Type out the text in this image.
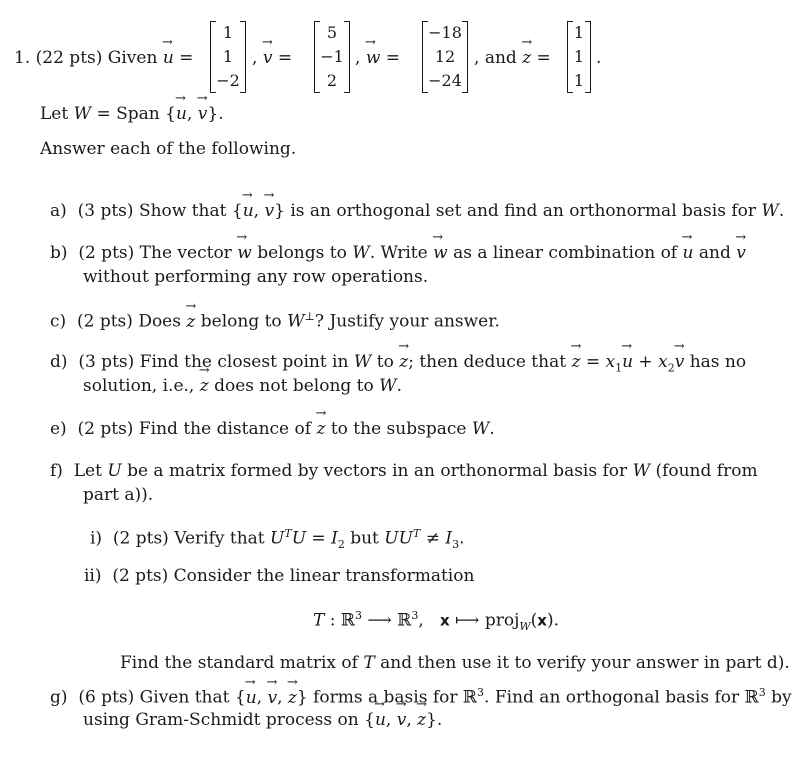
1. (22 pts) Given → u =
1
1
−2
, → v =
5
−1
2
, → w =
−18
12
−24
, and → z =
1
1
1
.
Let W = Span {→ u, → v}.
Answer each of the following.
a) (3 pts) Show that {→ u, → v} is an orthogonal set and find an orthonormal basis for W.
b) (2 pts) The vector → w belongs to W. Write → w as a linear combination of → u and → v
without performing any row operations.
c) (2 pts) Does → z belong to W⊥? Justify your answer.
d) (3 pts) Find the closest point in W to → z; then deduce that → $z = x_1\to u + x_2\to v$ has no
solution, i.e., → z does not belong to W.
e) (2 pts) Find the distance of → z to the subspace W.
f) Let U be a matrix formed by vectors in an orthonormal basis for W (found from
part a)).
i) (2 pts) Verify that $U^TU = I_2$ but $UU^T \ne I_3$.
ii) (2 pts) Consider the linear transformation
T : ℝ$^3$ ⟶ ℝ$^3$,   x ⟼ proj$_W$(x).
Find the standard matrix of T and then use it to verify your answer in part d).
g) (6 pts) Given that {→ u, → v, → z} forms a basis for ℝ$^3$. Find an orthogonal basis for ℝ$^3$ by
using Gram-Schmidt process on {→ u, → v, → z}.
